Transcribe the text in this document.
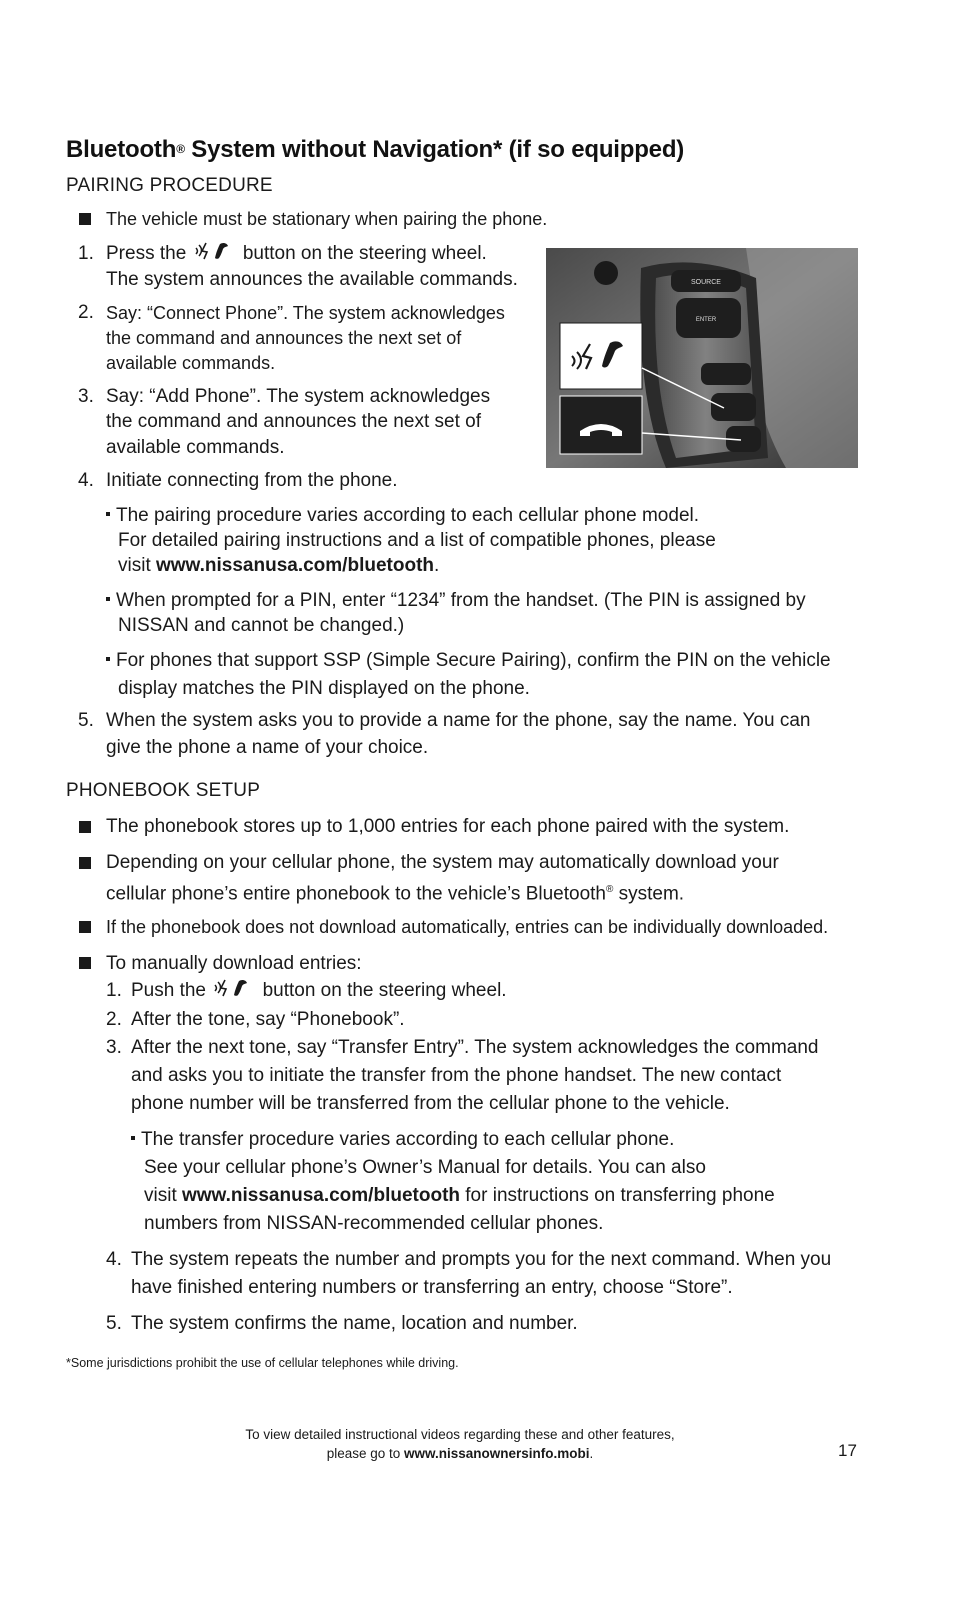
Bluetooth® System without Navigation* (if so equipped)
PAIRING PROCEDURE
The vehicle must be stationary when pairing the phone.
1. Press the	button on the steering wheel.
The system announces the available commands.
2. Say: “Connect Phone”. The system acknowledges
the command and announces the next set of
available commands.
3. Say: “Add Phone”. The system acknowledges
the command and announces the next set of
available commands.
4. Initiate connecting from the phone.
The pairing procedure varies according to each cellular phone model.
For detailed pairing instructions and a list of compatible phones, please
visit www.nissanusa.com/bluetooth.
When prompted for a PIN, enter “1234” from the handset. (The PIN is assigned by
NISSAN and cannot be changed.)
For phones that support SSP (Simple Secure Pairing), confirm the PIN on the vehicle
display matches the PIN displayed on the phone.
5. When the system asks you to provide a name for the phone, say the name. You can
give the phone a name of your choice.
SOURCE
ENTER
PHONEBOOK SETUP
The phonebook stores up to 1,000 entries for each phone paired with the system.
Depending on your cellular phone, the system may automatically download your
cellular phone’s entire phonebook to the vehicle’s Bluetooth® system.
If the phonebook does not download automatically, entries can be individually downloaded.
To manually download entries:
1. Push the	button on the steering wheel.
2. After the tone, say “Phonebook”.
3. After the next tone, say “Transfer Entry”. The system acknowledges the command
and asks you to initiate the transfer from the phone handset. The new contact
phone number will be transferred from the cellular phone to the vehicle.
The transfer procedure varies according to each cellular phone.
See your cellular phone’s Owner’s Manual for details. You can also
visit www.nissanusa.com/bluetooth for instructions on transferring phone
numbers from NISSAN-recommended cellular phones.
4. The system repeats the number and prompts you for the next command. When you
have finished entering numbers or transferring an entry, choose “Store”.
5. The system confirms the name, location and number.
*Some jurisdictions prohibit the use of cellular telephones while driving.
To view detailed instructional videos regarding these and other features,
please go to www.nissanownersinfo.mobi.	17
